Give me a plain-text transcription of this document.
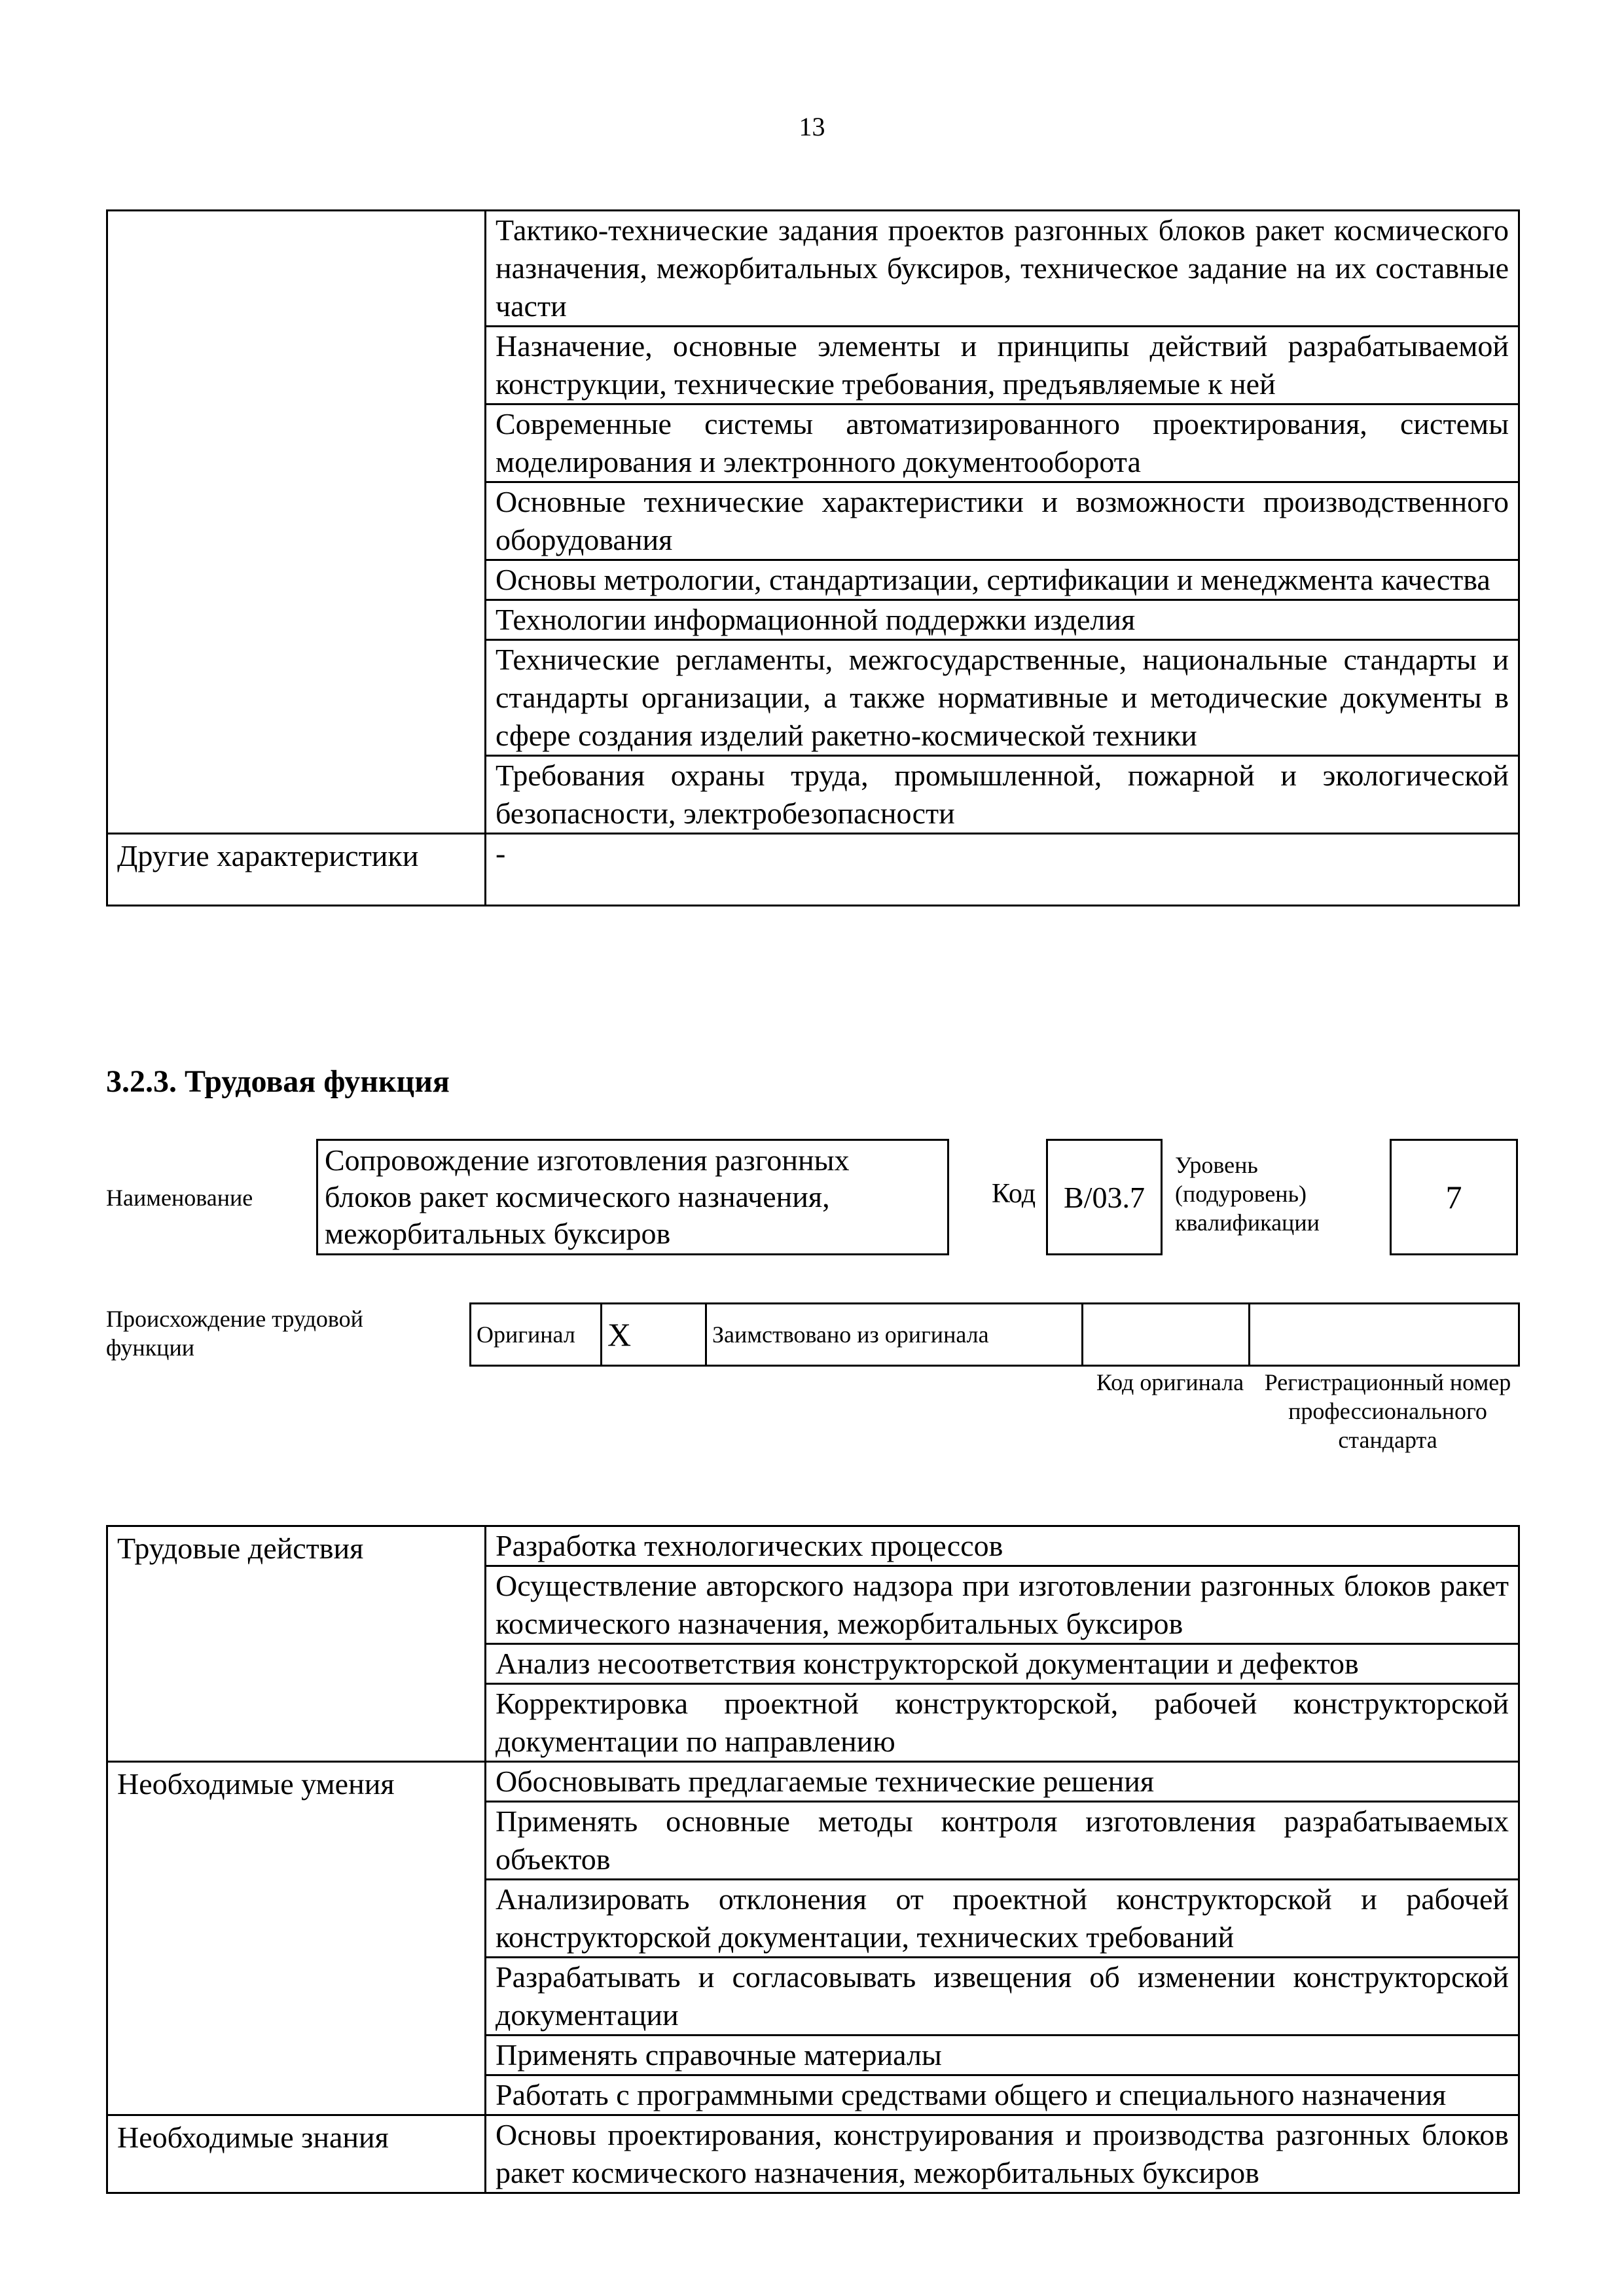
13
	Тактико-технические задания проектов разгонных блоков ракет космического назначения, межорбитальных буксиров, техническое задание на их составные части
	Назначение, основные элементы и принципы действий разрабатываемой конструкции, технические требования, предъявляемые к ней
	Современные системы автоматизированного проектирования, системы моделирования и электронного документооборота
	Основные технические характеристики и возможности производственного оборудования
	Основы метрологии, стандартизации, сертификации и менеджмента качества
	Технологии информационной поддержки изделия
	Технические регламенты, межгосударственные, национальные стандарты и стандарты организации, а также нормативные и методические документы в сфере создания изделий ракетно-космической техники
	Требования охраны труда, промышленной, пожарной и экологической безопасности, электробезопасности
Другие характеристики	-
3.2.3. Трудовая функция
Наименование
Сопровождение изготовления разгонных блоков ракет космического назначения, межорбитальных буксиров
Код B/03.7
Уровень (подуровень) квалификации
7
Происхождение трудовой функции	Оригинал	X	Заимствовано из оригинала		
Код оригинала Регистрационный номер профессионального стандарта
Трудовые действия	Разработка технологических процессов
	Осуществление авторского надзора при изготовлении разгонных блоков ракет космического назначения, межорбитальных буксиров
	Анализ несоответствия конструкторской документации и дефектов
	Корректировка проектной конструкторской, рабочей конструкторской документации по направлению
Необходимые умения	Обосновывать предлагаемые технические решения
	Применять основные методы контроля изготовления разрабатываемых объектов
	Анализировать отклонения от проектной конструкторской и рабочей конструкторской документации, технических требований
	Разрабатывать и согласовывать извещения об изменении конструкторской документации
	Применять справочные материалы
	Работать с программными средствами общего и специального назначения
Необходимые знания	Основы проектирования, конструирования и производства разгонных блоков ракет космического назначения, межорбитальных буксиров
